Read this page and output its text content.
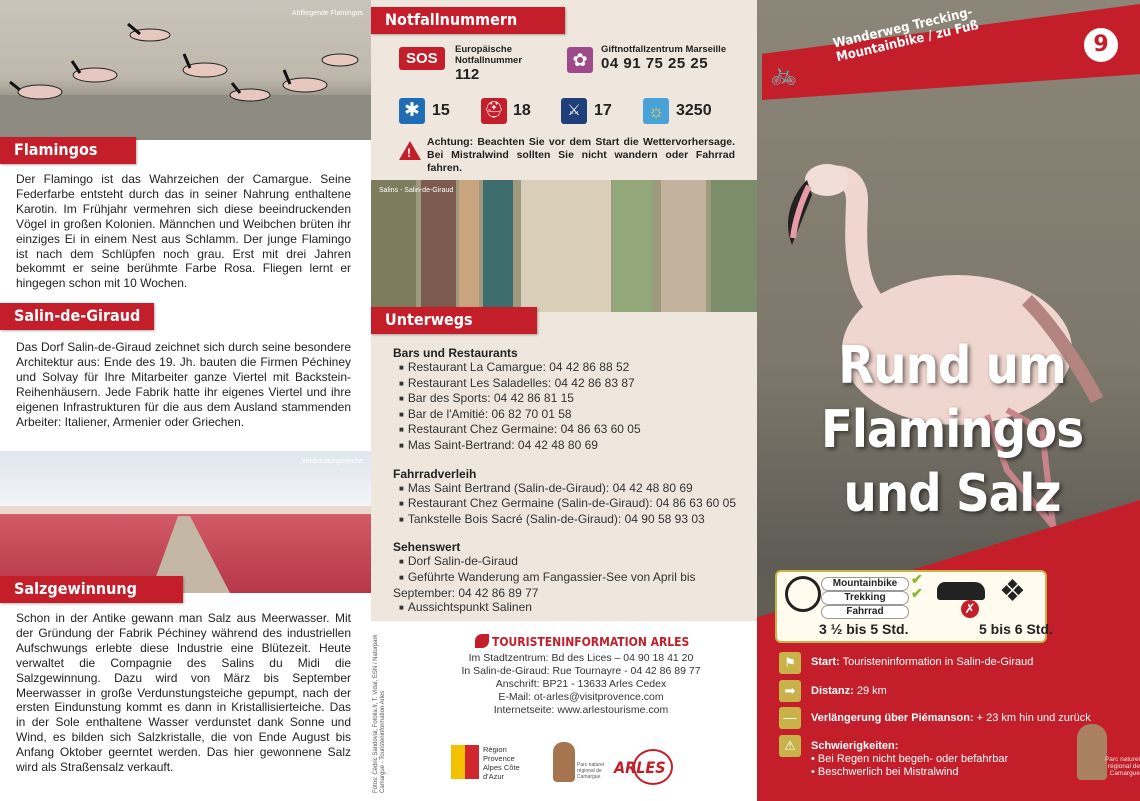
Abfliegende Flamingos
Flamingos

Der Flamingo ist das Wahrzeichen der Camargue. Seine Federfarbe entsteht durch das in seiner Nahrung enthaltene Karotin. Im Frühjahr vermehren sich diese beeindruckenden Vögel in großen Kolonien. Männchen und Weibchen brüten ihr einziges Ei in einem Nest aus Schlamm. Der junge Flamingo ist nach dem Schlüpfen noch grau. Erst mit drei Jahren bekommt er seine berühmte Farbe Rosa. Fliegen lernt er hingegen schon mit 10 Wochen.

Salin-de-Giraud

Das Dorf Salin-de-Giraud zeichnet sich durch seine besondere Architektur aus: Ende des 19. Jh. bauten die Firmen Péchiney und Solvay für Ihre Mitarbeiter ganze Viertel mit Backstein-Reihenhäusern. Jede Fabrik hatte ihr eigenes Viertel und ihre eigenen Infrastrukturen für die aus dem Ausland stammenden Arbeiter: Italiener, Armenier oder Griechen.

Verdunstungsteiche
Salzgewinnung

Schon in der Antike gewann man Salz aus Meerwasser. Mit der Gründung der Fabrik Péchiney während des industriellen Aufschwungs erlebte diese Industrie eine Blütezeit. Heute verwaltet die Compagnie des Salins du Midi die Salzgewinnung. Dazu wird von März bis September Meerwasser in große Verdunstungsteiche gepumpt, nach der ersten Eindunstung kommt es dann in Kristallisierteiche. Das in der Sole enthaltene Wasser verdunstet dank Sonne und Wind, es bilden sich Salzkristalle, die von Ende August bis Anfang Oktober geerntet werden. Das hier gewonnene Salz wird als Straßensalz verkauft.

Notfallnummern
SOS
Europäische Notfallnummer
112
✿
Giftnotfallzentrum Marseille
04 91 75 25 25
✱ 15 ⛑ 18	⚔ 17 ☼ 3250
!

Achtung: Beachten Sie vor dem Start die Wettervorhersage. Bei Mistralwind sollten Sie nicht wandern oder Fahrrad fahren.

Salins - Salin-de-Giraud
Unterwegs
Bars und Restaurants
■ Restaurant La Camargue: 04 42 86 88 52
■ Restaurant Les Saladelles: 04 42 86 83 87
■ Bar des Sports: 04 42 86 81 15
■ Bar de l'Amitié: 06 82 70 01 58
■ Restaurant Chez Germaine: 04 86 63 60 05
■ Mas Saint-Bertrand: 04 42 48 80 69
Fahrradverleih
■ Mas Saint Bertrand (Salin-de-Giraud): 04 42 48 80 69
■ Restaurant Chez Germaine (Salin-de-Giraud): 04 86 63 60 05
■ Tankstelle Bois Sacré (Salin-de-Giraud): 04 90 58 93 03
Sehenswert
■ Dorf Salin-de-Giraud
■ Geführte Wanderung am Fangassier-See von April bis September: 04 42 86 89 77
■ Aussichtspunkt Salinen
Fotos: Cédric Sandoval, Fotolia.fr, T. Vidal, ESN / Naturpark Camargue - Touristeninformation Arles
TOURISTENINFORMATION ARLES
Im Stadtzentrum: Bd des Lices – 04 90 18 41 20
In Salin-de-Giraud: Rue Tournayre - 04 42 86 89 77
Anschrift: BP21 - 13633 Arles Cedex
E-Mail: ot-arles@visitprovence.com
Internetseite: www.arlestourisme.com
Région Provence Alpes Côte d'Azur
Parc naturel régional de Camargue ARLES
9
🚲
Wanderweg Trecking- Mountainbike / zu Fuß
Rund um
Flamingos
und Salz
Mountainbike
Trekking
Fahrrad
✔
✔
3 ½ bis 5 Std.
✗
❖
5 bis 6 Std.
⚑	Start: Touristeninformation in Salin-de-Giraud
➡	Distanz: 29 km
—	Verlängerung über Piémanson: + 23 km hin und zurück
⚠	Schwierigkeiten:
• Bei Regen nicht begeh- oder befahrbar
• Beschwerlich bei Mistralwind
Parc naturel régional de Camargue
